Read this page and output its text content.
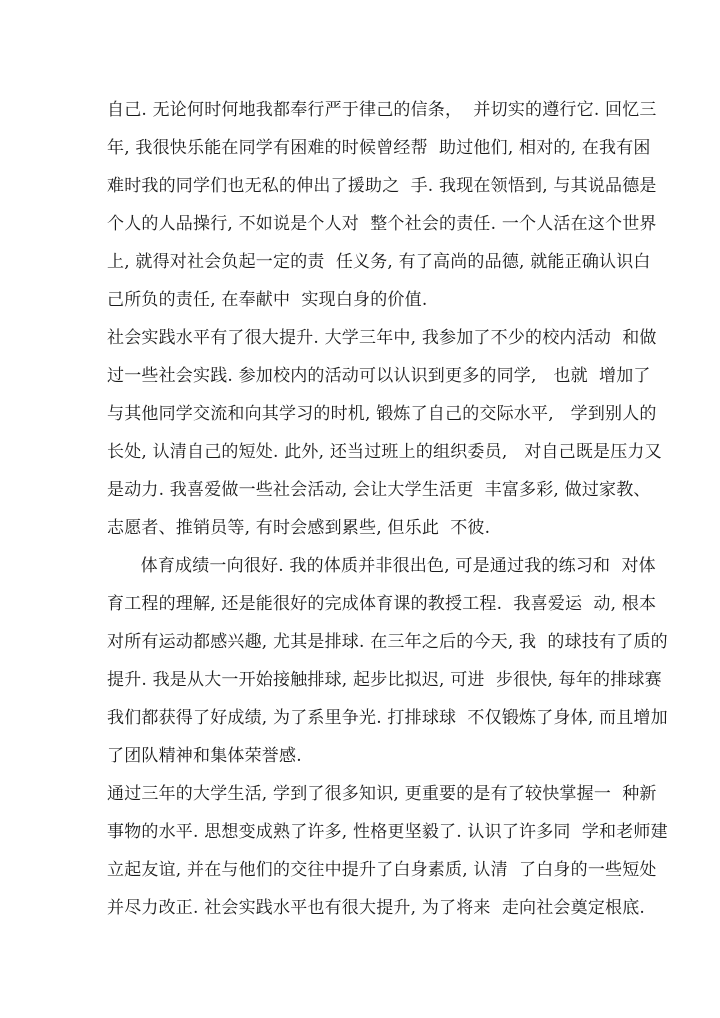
自己. 无论何时何地我都奉行严于律己的信条，  并切实的遵行它. 回忆三
年, 我很快乐能在同学有困难的时候曾经帮  助过他们, 相对的, 在我有困
难时我的同学们也无私的伸出了援助之  手. 我现在领悟到, 与其说品德是
个人的人品操行, 不如说是个人对  整个社会的责任. 一个人活在这个世界
上, 就得对社会负起一定的责  任义务, 有了高尚的品德, 就能正确认识白
己所负的责任, 在奉献中  实现白身的价值.
社会实践水平有了很大提升. 大学三年中, 我参加了不少的校内活动  和做
过一些社会实践. 参加校内的活动可以认识到更多的同学,   也就  增加了
与其他同学交流和向其学习的时机, 锻炼了自己的交际水平,   学到别人的
长处, 认清自己的短处. 此外, 还当过班上的组织委员,   对自己既是压力又
是动力. 我喜爱做一些社会活动, 会让大学生活更  丰富多彩, 做过家教、
志愿者、推销员等, 有时会感到累些, 但乐此  不彼.
体育成绩一向很好. 我的体质并非很出色, 可是通过我的练习和  对体
育工程的理解, 还是能很好的完成体育课的教授工程.  我喜爱运  动, 根本
对所有运动都感兴趣, 尤其是排球. 在三年之后的今天, 我  的球技有了质的
提升. 我是从大一开始接触排球, 起步比拟迟, 可进  步很快, 每年的排球赛
我们都获得了好成绩, 为了系里争光. 打排球球  不仅锻炼了身体, 而且增加
了团队精神和集体荣誉感.
通过三年的大学生活, 学到了很多知识, 更重要的是有了较快掌握一  种新
事物的水平. 思想变成熟了许多, 性格更坚毅了. 认识了许多同  学和老师建
立起友谊, 并在与他们的交往中提升了白身素质, 认清  了白身的一些短处
并尽力改正. 社会实践水平也有很大提升, 为了将来  走向社会奠定根底.
